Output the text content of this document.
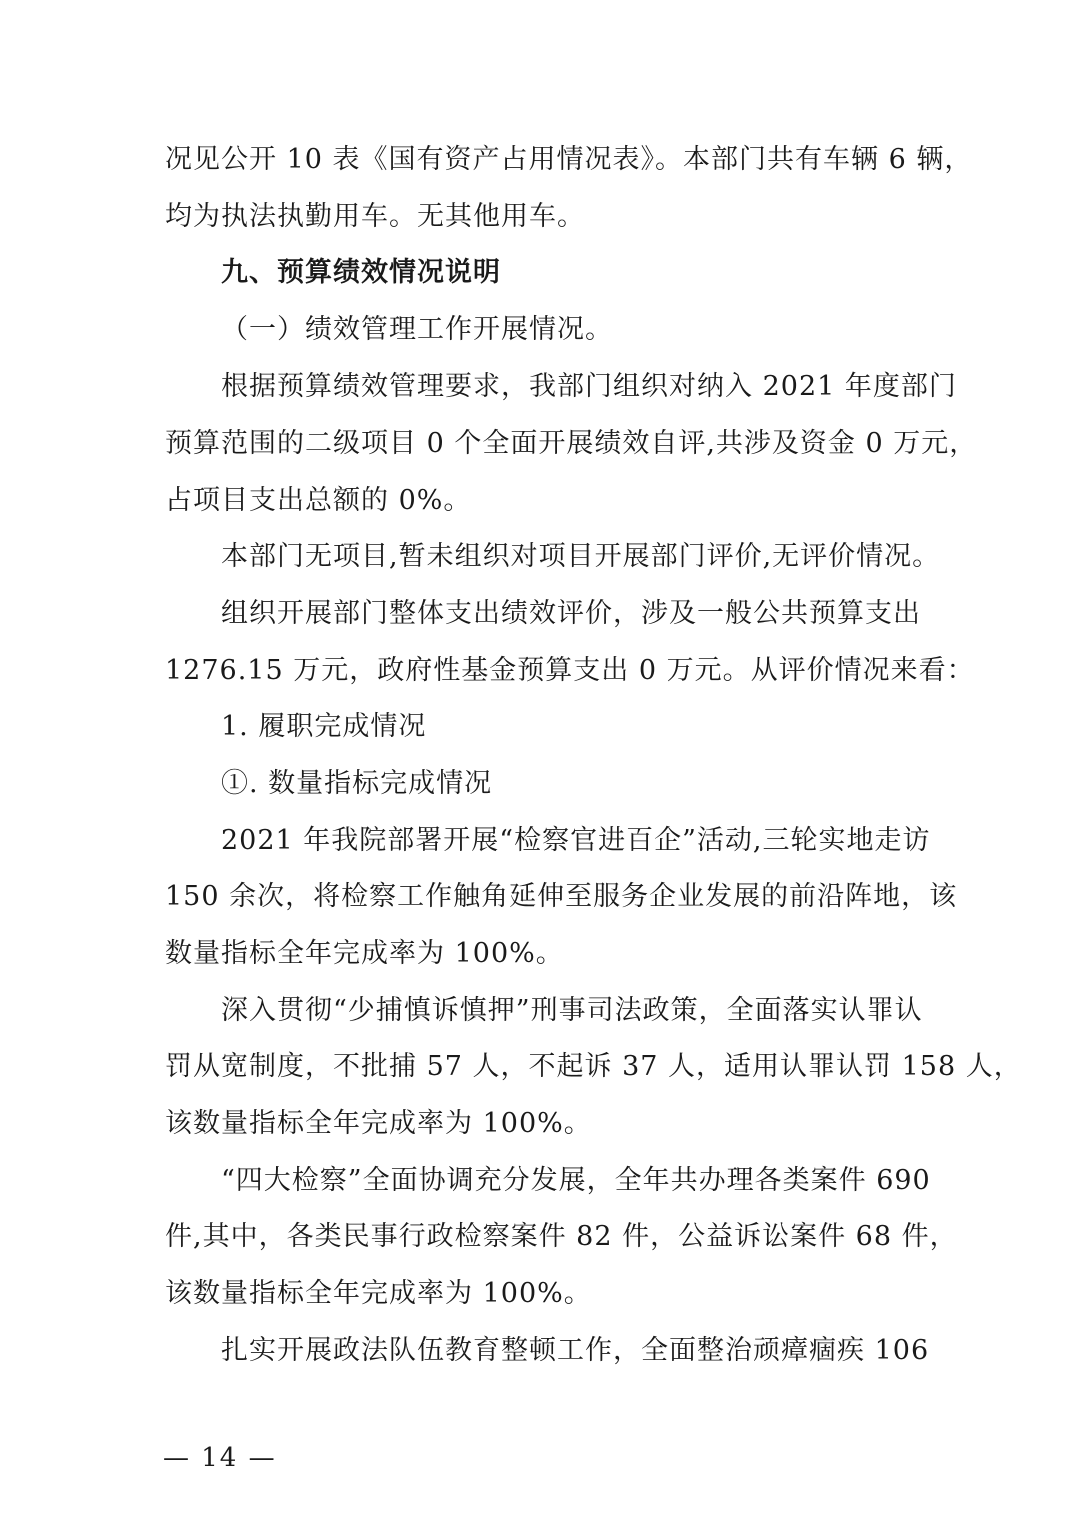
况见公开 10 表《国有资产占用情况表》。本部门共有车辆 6 辆，
均为执法执勤用车。无其他用车。
九、预算绩效情况说明
（一）绩效管理工作开展情况。
根据预算绩效管理要求，我部门组织对纳入 2021 年度部门
预算范围的二级项目 0 个全面开展绩效自评,共涉及资金 0 万元，
占项目支出总额的 0%。
本部门无项目,暂未组织对项目开展部门评价,无评价情况。
组织开展部门整体支出绩效评价，涉及一般公共预算支出
1276.15 万元，政府性基金预算支出 0 万元。从评价情况来看：
1. 履职完成情况
①. 数量指标完成情况
2021 年我院部署开展“检察官进百企”活动,三轮实地走访
150 余次，将检察工作触角延伸至服务企业发展的前沿阵地，该
数量指标全年完成率为 100%。
深入贯彻“少捕慎诉慎押”刑事司法政策，全面落实认罪认
罚从宽制度，不批捕 57 人，不起诉 37 人，适用认罪认罚 158 人，
该数量指标全年完成率为 100%。
“四大检察”全面协调充分发展，全年共办理各类案件 690
件,其中，各类民事行政检察案件 82 件，公益诉讼案件 68 件，
该数量指标全年完成率为 100%。
扎实开展政法队伍教育整顿工作，全面整治顽瘴痼疾 106
— 14 —
